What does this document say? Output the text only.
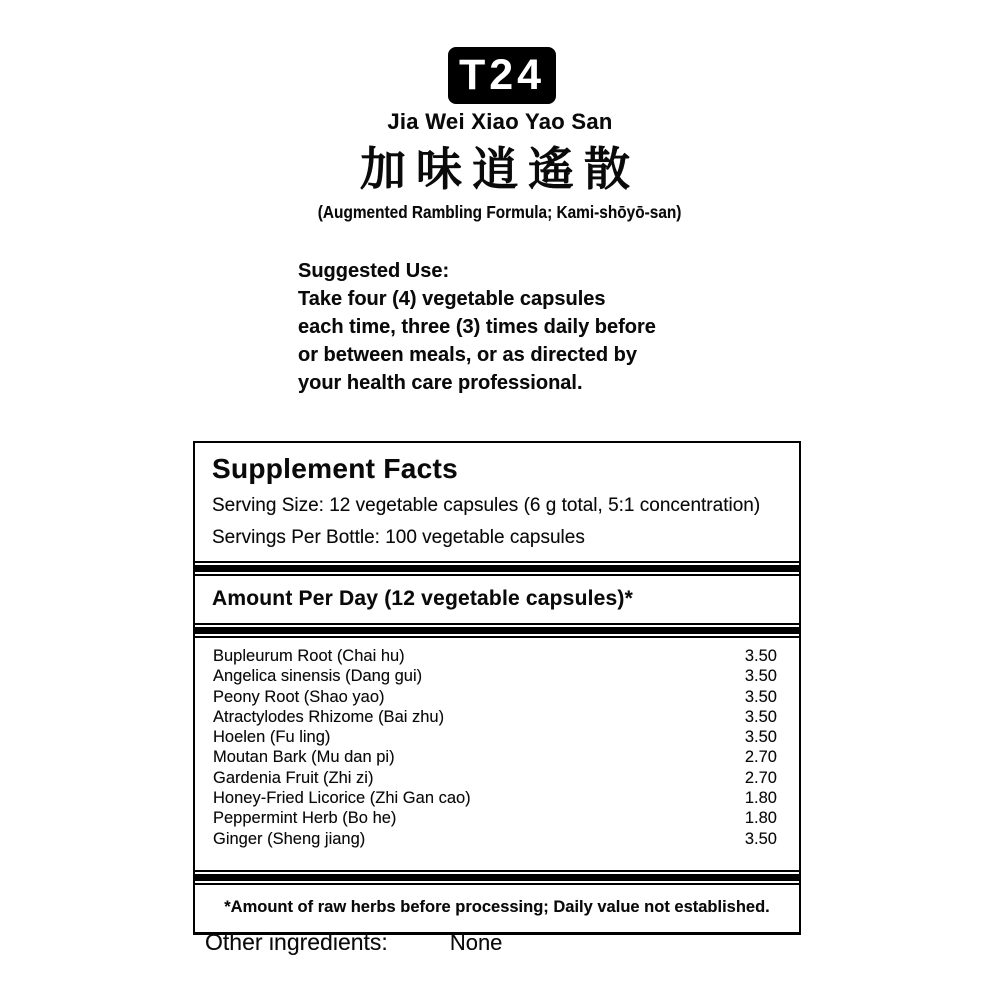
T24
Jia Wei Xiao Yao San
加味逍遙散
(Augmented Rambling Formula; Kami-shōyō-san)
Suggested Use:
Take four (4) vegetable capsules
each time, three (3) times daily before
or between meals, or as directed by
your health care professional.
Supplement Facts
Serving Size: 12 vegetable capsules (6 g total, 5:1 concentration)
Servings Per Bottle: 100 vegetable capsules
Amount Per Day (12 vegetable capsules)*
Bupleurum Root (Chai hu)	3.50
Angelica sinensis (Dang gui)	3.50
Peony Root (Shao yao)	3.50
Atractylodes Rhizome (Bai zhu)	3.50
Hoelen (Fu ling)	3.50
Moutan Bark (Mu dan pi)	2.70
Gardenia Fruit (Zhi zi)	2.70
Honey-Fried Licorice (Zhi Gan cao)	1.80
Peppermint Herb (Bo he)	1.80
Ginger (Sheng jiang)	3.50
*Amount of raw herbs before processing; Daily value not established.
Other ingredients:	None
